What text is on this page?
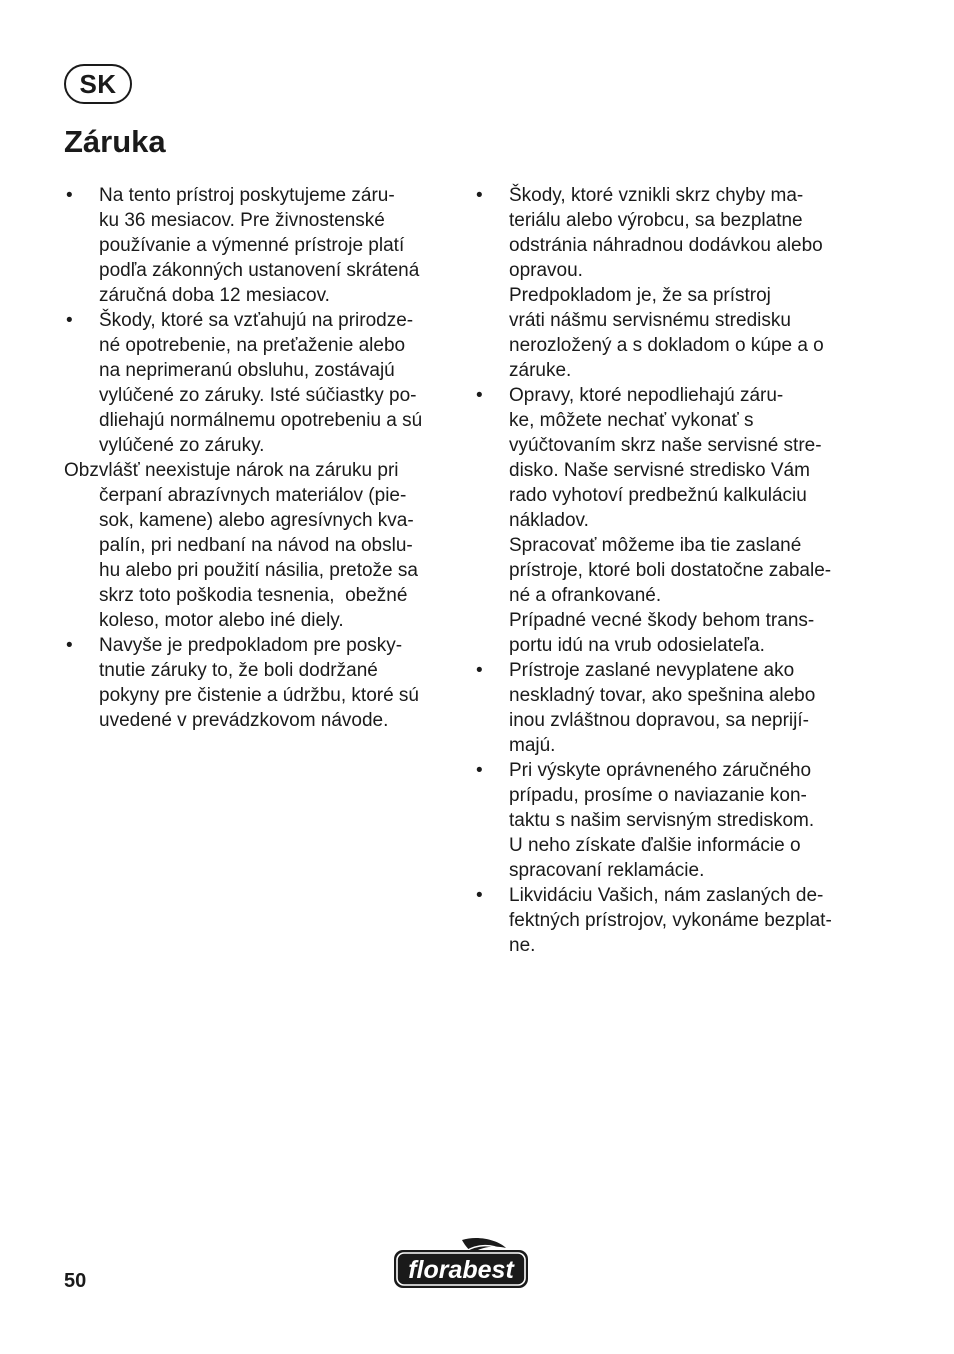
SK
Záruka
• Na tento prístroj poskytujeme záru-
ku 36 mesiacov. Pre živnostenské
používanie a výmenné prístroje platí
podľa zákonných ustanovení skrátená
záručná doba 12 mesiacov.
• Škody, ktoré sa vzťahujú na prirodze-
né opotrebenie, na preťaženie alebo
na neprimeranú obsluhu, zostávajú
vylúčené zo záruky. Isté súčiastky po-
dliehajú normálnemu opotrebeniu a sú
vylúčené zo záruky.
Obzvlášť neexistuje nárok na záruku pri
čerpaní abrazívnych materiálov (pie-
sok, kamene) alebo agresívnych kva-
palín, pri nedbaní na návod na obslu-
hu alebo pri použití násilia, pretože sa
skrz toto poškodia tesnenia,  obežné
koleso, motor alebo iné diely.
• Navyše je predpokladom pre posky-
tnutie záruky to, že boli dodržané
pokyny pre čistenie a údržbu, ktoré sú
uvedené v prevádzkovom návode.
• Škody, ktoré vznikli skrz chyby ma-
teriálu alebo výrobcu, sa bezplatne
odstránia náhradnou dodávkou alebo
opravou.
Predpokladom je, že sa prístroj
vráti nášmu servisnému stredisku
nerozložený a s dokladom o kúpe a o
záruke.
• Opravy, ktoré nepodliehajú záru-
ke, môžete nechať vykonať s
vyúčtovaním skrz naše servisné stre-
disko. Naše servisné stredisko Vám
rado vyhotoví predbežnú kalkuláciu
nákladov.
Spracovať môžeme iba tie zaslané
prístroje, ktoré boli dostatočne zabale-
né a ofrankované.
Prípadné vecné škody behom trans-
portu idú na vrub odosielateľa.
• Prístroje zaslané nevyplatene ako
neskladný tovar, ako spešnina alebo
inou zvláštnou dopravou, sa neprijí-
majú.
• Pri výskyte oprávneného záručného
prípadu, prosíme o naviazanie kon-
taktu s našim servisným strediskom.
U neho získate ďalšie informácie o
spracovaní reklamácie.
• Likvidáciu Vašich, nám zaslaných de-
fektných prístrojov, vykonáme bezplat-
ne.
50	florabest
